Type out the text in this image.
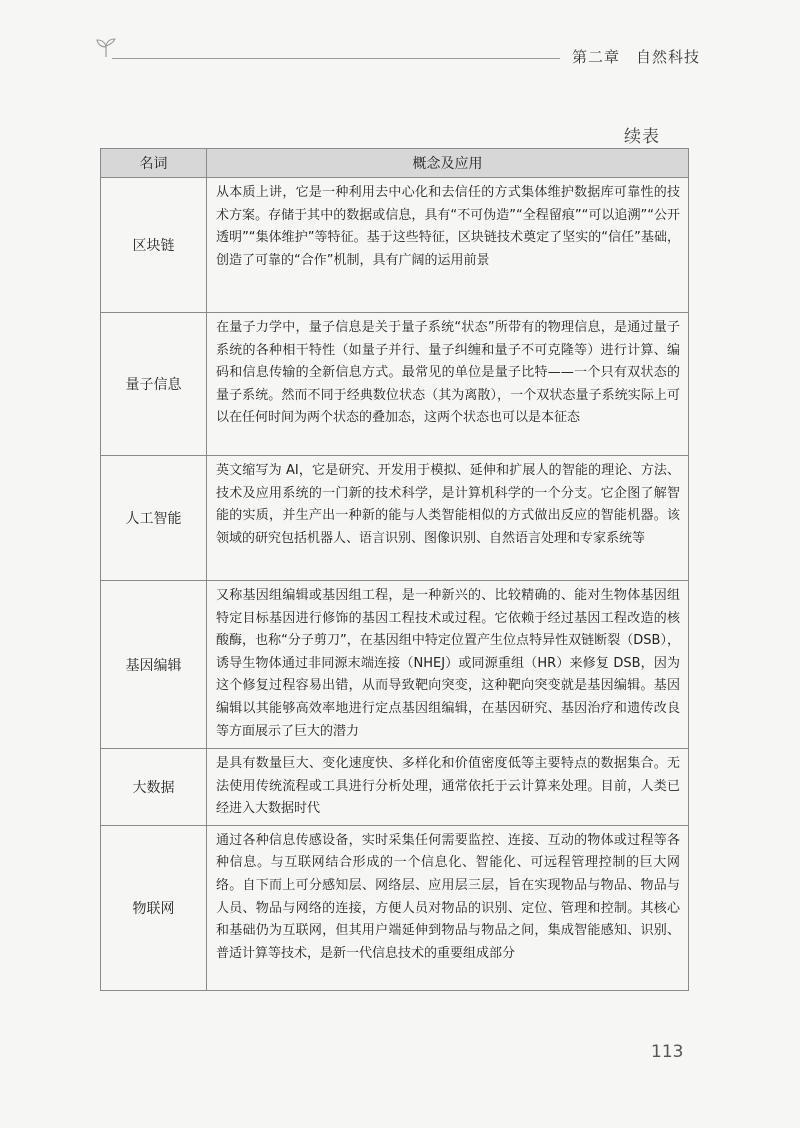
第二章　自然科技
续表
名词	概念及应用
区块链	从本质上讲，它是一种利用去中心化和去信任的方式集体维护数据库可靠性的技术方案。存储于其中的数据或信息，具有“不可伪造”“全程留痕”“可以追溯”“公开透明”“集体维护”等特征。基于这些特征，区块链技术奠定了坚实的“信任”基础，创造了可靠的“合作”机制，具有广阔的运用前景
量子信息	在量子力学中，量子信息是关于量子系统“状态”所带有的物理信息，是通过量子系统的各种相干特性（如量子并行、量子纠缠和量子不可克隆等）进行计算、编码和信息传输的全新信息方式。最常见的单位是量子比特——一个只有双状态的量子系统。然而不同于经典数位状态（其为离散），一个双状态量子系统实际上可以在任何时间为两个状态的叠加态，这两个状态也可以是本征态
人工智能	英文缩写为 AI，它是研究、开发用于模拟、延伸和扩展人的智能的理论、方法、技术及应用系统的一门新的技术科学，是计算机科学的一个分支。它企图了解智能的实质，并生产出一种新的能与人类智能相似的方式做出反应的智能机器。该领域的研究包括机器人、语言识别、图像识别、自然语言处理和专家系统等
基因编辑	又称基因组编辑或基因组工程，是一种新兴的、比较精确的、能对生物体基因组特定目标基因进行修饰的基因工程技术或过程。它依赖于经过基因工程改造的核酸酶，也称“分子剪刀”，在基因组中特定位置产生位点特异性双链断裂（DSB），诱导生物体通过非同源末端连接（NHEJ）或同源重组（HR）来修复 DSB，因为这个修复过程容易出错，从而导致靶向突变，这种靶向突变就是基因编辑。基因编辑以其能够高效率地进行定点基因组编辑，在基因研究、基因治疗和遗传改良等方面展示了巨大的潜力
大数据	是具有数量巨大、变化速度快、多样化和价值密度低等主要特点的数据集合。无法使用传统流程或工具进行分析处理，通常依托于云计算来处理。目前，人类已经进入大数据时代
物联网	通过各种信息传感设备，实时采集任何需要监控、连接、互动的物体或过程等各种信息。与互联网结合形成的一个信息化、智能化、可远程管理控制的巨大网络。自下而上可分感知层、网络层、应用层三层，旨在实现物品与物品、物品与人员、物品与网络的连接，方便人员对物品的识别、定位、管理和控制。其核心和基础仍为互联网，但其用户端延伸到物品与物品之间，集成智能感知、识别、普适计算等技术，是新一代信息技术的重要组成部分
113
